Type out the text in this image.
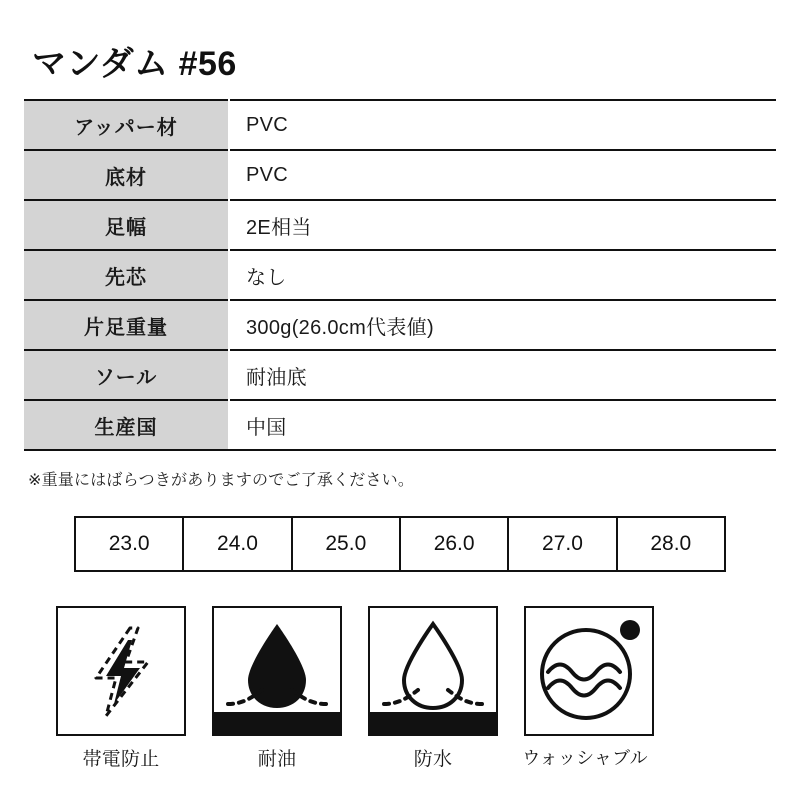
マンダム #56
アッパー材	PVC
底材	PVC
足幅	2E相当
先芯	なし
片足重量	300g(26.0cm代表値)
ソール	耐油底
生産国	中国
※重量にはばらつきがありますのでご了承ください。
23.0	24.0	25.0	26.0	27.0	28.0
帯電防止	耐油	防水	ウォッシャブル
